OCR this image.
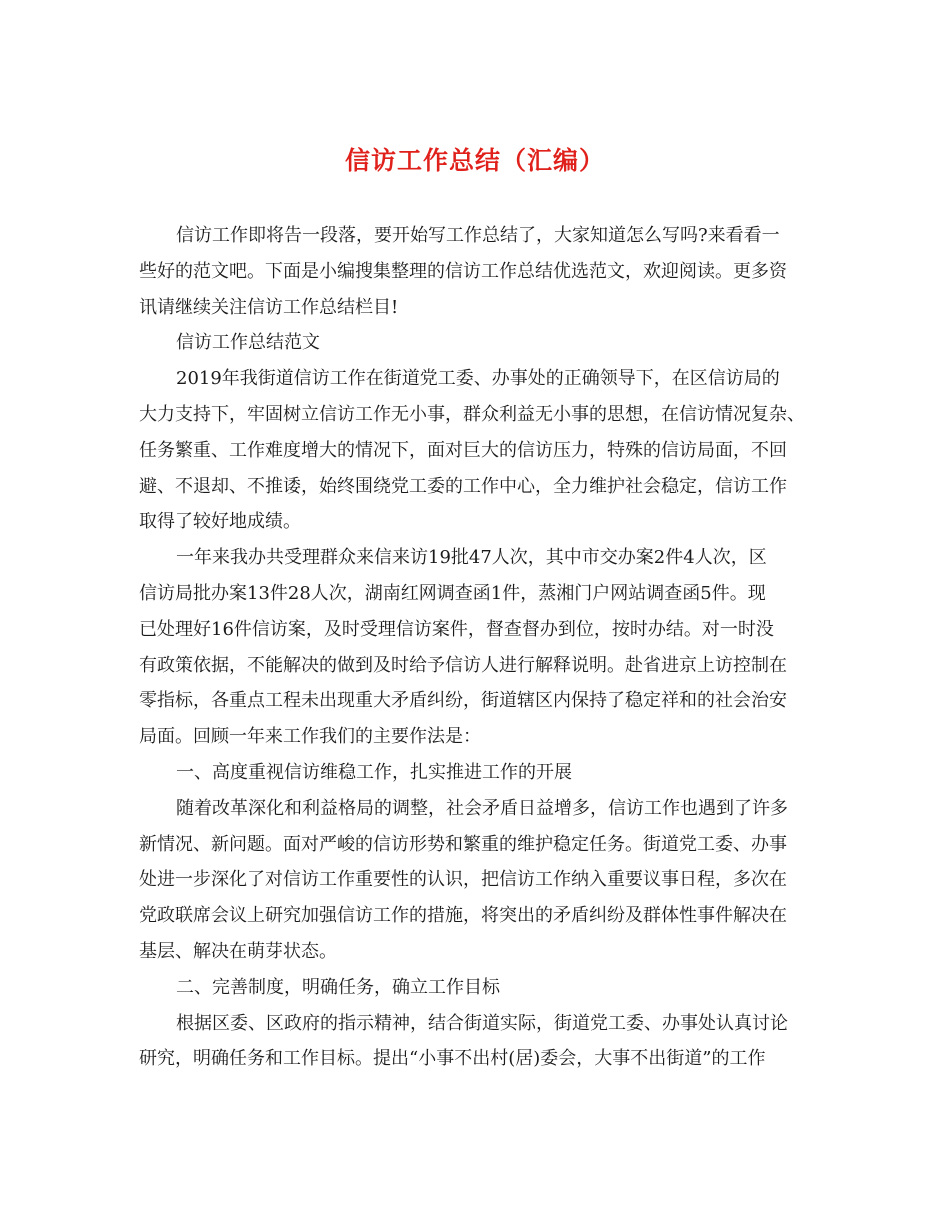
信访工作总结（汇编）
信访工作即将告一段落，要开始写工作总结了，大家知道怎么写吗?来看看一
些好的范文吧。下面是小编搜集整理的信访工作总结优选范文，欢迎阅读。更多资
讯请继续关注信访工作总结栏目!
信访工作总结范文
2019年我街道信访工作在街道党工委、办事处的正确领导下，在区信访局的
大力支持下，牢固树立信访工作无小事，群众利益无小事的思想，在信访情况复杂、
任务繁重、工作难度增大的情况下，面对巨大的信访压力，特殊的信访局面，不回
避、不退却、不推诿，始终围绕党工委的工作中心，全力维护社会稳定，信访工作
取得了较好地成绩。
一年来我办共受理群众来信来访19批47人次，其中市交办案2件4人次，区
信访局批办案13件28人次，湖南红网调查函1件，蒸湘门户网站调查函5件。现
已处理好16件信访案，及时受理信访案件，督查督办到位，按时办结。对一时没
有政策依据，不能解决的做到及时给予信访人进行解释说明。赴省进京上访控制在
零指标，各重点工程未出现重大矛盾纠纷，街道辖区内保持了稳定祥和的社会治安
局面。回顾一年来工作我们的主要作法是：
一、高度重视信访维稳工作，扎实推进工作的开展
随着改革深化和利益格局的调整，社会矛盾日益增多，信访工作也遇到了许多
新情况、新问题。面对严峻的信访形势和繁重的维护稳定任务。街道党工委、办事
处进一步深化了对信访工作重要性的认识，把信访工作纳入重要议事日程，多次在
党政联席会议上研究加强信访工作的措施，将突出的矛盾纠纷及群体性事件解决在
基层、解决在萌芽状态。
二、完善制度，明确任务，确立工作目标
根据区委、区政府的指示精神，结合街道实际，街道党工委、办事处认真讨论
研究，明确任务和工作目标。提出“小事不出村(居)委会，大事不出街道”的工作
